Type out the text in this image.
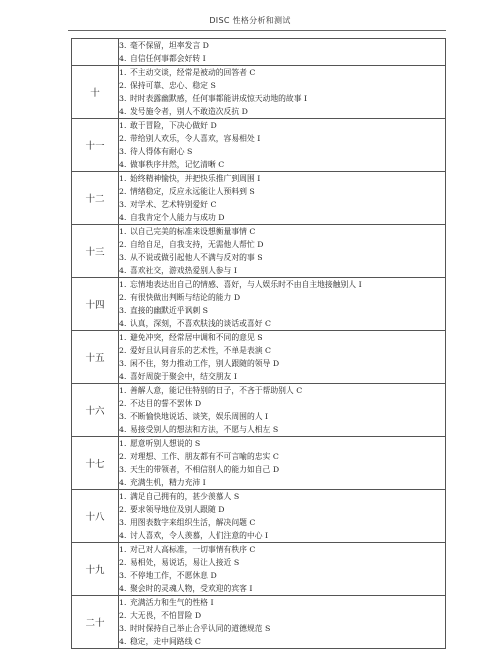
DISC 性格分析和测试

	3．毫不保留，坦率发言 D
4．自信任何事都会好转 I

十	1．不主动交谈，经常是被动的回答者 C
2．保持可靠、忠心、稳定 S
3．时时表露幽默感，任何事都能讲成惊天动地的故事 I
4．发号施令者，别人不敢造次反抗 D

十一	1．敢于冒险，下决心做好 D
2．带给别人欢乐，令人喜欢，容易相处 I
3．待人得体有耐心 S
4．做事秩序井然，记忆清晰 C

十二	1．始终精神愉快，并把快乐推广到周围 I
2．情绪稳定，反应永远能让人预料到 S
3．对学术、艺术特别爱好 C
4．自我肯定个人能力与成功 D

十三	1．以自己完美的标准来设想衡量事情 C
2．自给自足，自我支持，无需他人帮忙 D
3．从不说或做引起他人不满与反对的事 S
4．喜欢社交，游戏热爱别人参与 I

十四	1．忘情地表达出自己的情感、喜好，与人娱乐时不由自主地接触别人 I
2．有很快做出判断与结论的能力 D
3．直接的幽默近乎讽刺 S
4．认真，深刻，不喜欢肤浅的谈话或喜好 C

十五	1．避免冲突，经常居中调和不同的意见 S
2．爱好且认同音乐的艺术性，不单是表演 C
3．闲不住，努力推动工作，别人跟随的领导 D
4．喜好周旋于聚会中，结交朋友 I

十六	1．善解人意，能记住特别的日子，不吝于帮助别人 C
2．不达目的誓不罢休 D
3．不断愉快地说话、谈笑，娱乐周围的人 I
4．易接受别人的想法和方法，不愿与人相左 S

十七	1．愿意听别人想说的 S
2．对理想、工作、朋友都有不可言喻的忠实 C
3．天生的带领者，不相信别人的能力如自己 D
4．充满生机，精力充沛 I

十八	1．满足自己拥有的，甚少羡慕人 S
2．要求领导地位及别人跟随 D
3．用图表数字来组织生活，解决问题 C
4．讨人喜欢，令人羡慕，人们注意的中心 I

十九	1．对己对人高标准，一切事情有秩序 C
2．易相处，易说话，易让人接近 S
3．不停地工作，不愿休息 D
4．聚会时的灵魂人物，受欢迎的宾客 I

二十	1．充满活力和生气的性格 I
2．大无畏，不怕冒险 D
3．时时保持自己举止合乎认同的道德规范 S
4．稳定，走中间路线 C
